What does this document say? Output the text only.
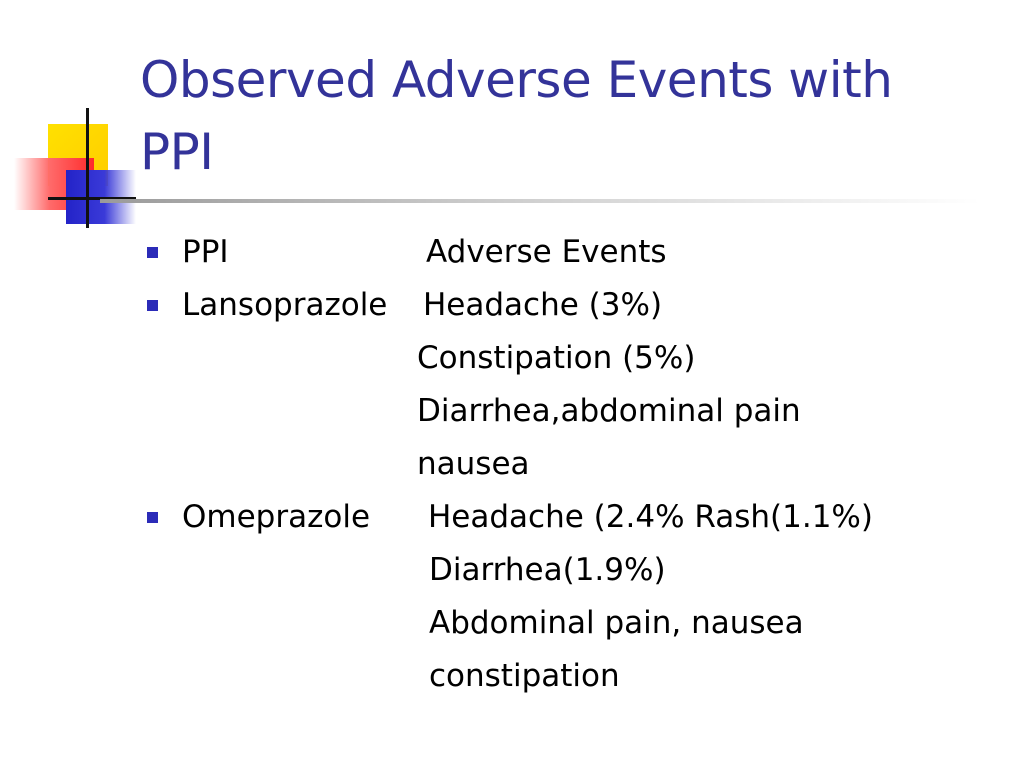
Observed Adverse Events with
PPI
PPI	Adverse Events
Lansoprazole Headache (3%)
Constipation (5%)
Diarrhea,abdominal pain
nausea
Omeprazole Headache (2.4% Rash(1.1%)
Diarrhea(1.9%)
Abdominal pain, nausea
constipation
